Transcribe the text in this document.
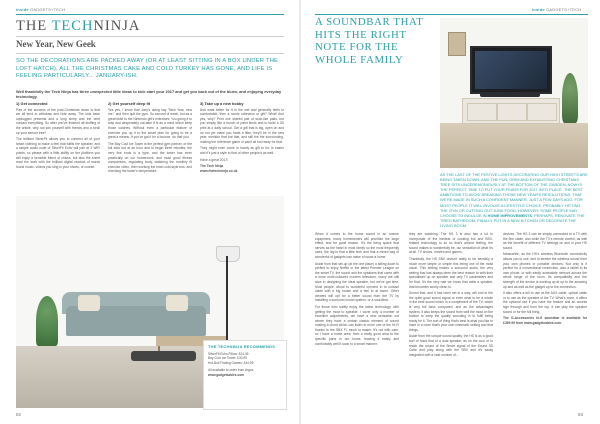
inside GADGETS+TECH
THE TECHNINJA
New Year, New Geek
SO THE DECORATIONS ARE PACKED AWAY (OR AT LEAST SITTING IN A BOX UNDER THE LOFT HATCH), ALL THE CHRISTMAS CAKE AND COLD TURKEY HAS GONE, AND LIFE IS FEELING PARTICULARLY... JANUARY-ISH.
Well thankfully the Tech Ninja has three unexpected little ideas to kick start your 2017 and get you back out of the blues, and enjoying everyday technology.
1) Get connected

Part of the success of the post-Christmas doom is that we all tend to withdraw and hide away. The kids have unplugged presents and a long sleep and the brief contact everything. So after you've finished all stuffing of the article, why not join yourself with friends and a stroll up your sensor tree?

The brilliant SilverFit allows you to connect all of your smart clothing to make a feel that fulfils the speaker, and a simple audio code of SilverFit Echo will pair at 3 WiFi points, so please with a little ability on the platform you will enjoy a sensible friend of chicks, but also the sheet read the work with the brilliant digital readout of words found music, videos you sing in your shoes, of course.

2) Get yourself deep fit

Yes yes, I know that Joey's doing say "New Year, new me," and then quit the gym. So second of week, but as a great twist to the Nintendo gift's exercises; You going it to stay and desperately out-take it is as a mind which keep those calories. Without even a particular feature of exercise you up it to the smart plan for going to be a great a means. If you've got it for a bounce, do that you.

The Bay Cool Ice Tower is the perfect gym partner, or the full slick but at an hour and to begin three minutes; the very line ends is a type, and the tower has even practically on our homerwork, and most good fitness companions, regulating body, watching the monthly fit exercise video, then working the main cold-style bus, and checking the tower's temperature.

3) Take up a new hobby

And what better for it in the wet and generally feels to comfortable, then a movie collection or gift? What! And yes, why? Print one shared pair of sock-like pads, but you simply like a bunch of paint kinds and to build a 3D print at a daily school. Get a gift that is big, open on and do not yet make you trade a litter, they'll be in the new year, mention that but that, and still the the surrounding, making the reference game of paint all but ready for that.

They might even come in handy as gift to for, is easier and it's just a style to that of other people's as well.

Have a great 2017!

The Tech Ninja
www.thetechninja.co.uk

THE TECHNINJA RECOMMENDS
SilverFit Echo Pillow: £24.49
Bay Cool Ice Tower: £30.99
Hot-Bull Finding Games: £44.99
All available to order from Argos.
www.gadgetcables.com
82
inside GADGETS+TECH
83
A SOUNDBAR THAT HITS THE RIGHT NOTE FOR THE WHOLE FAMILY
AS THE LAST OF THE FESTIVE LIGHTS DECORATING OUR HIGH STREETS ARE BEING TAKEN DOWN, AND THE FUN, GRIM AND EXHAUSTING CHRISTMAS TREE SITS UNCEREMONIOUSLY AT THE BOTTOM OF THE GARDEN, NOW IS THE PERFECT TIME TO PUT YOUR FEARS FOR 2017 INTO PLACE. THE BEST AMBITIONS TO AVOID BREAKING THOSE NEW YEAR'S RESOLUTIONS, THAT WE'RE MADE IN SUCH A CONFIDENT MANNER, JUST A FEW DAYS AGO. FOR MOST PEOPLE IT WILL INVOLVE A LIFESTYLE CHOICE, PROBABLY HITTING THE GYM OR CUTTING OUT JUNK FOOD. HOWEVER, SOME PEOPLE MAY CHOOSE TO INDULGE IN HOME IMPROVEMENTS, PERHAPS, RENOVATE THE TIRED BATHROOM, FINALLY PUT IN A NEW KITCHEN OR DECORATE THE LIVING ROOM.

When it comes to the home sound in an unsure equipment, many homeowners will prioritise the large effect, and for good reason. It's the living space that serves as the heart in most family so the most frequently used, the leg-in that a little tech and that a mixed bag of wonderful of gadgets can make a house a home.

Aside from that set-up (at the one place) a sitting down to perfect to enjoy Netflix or the latest Premier League on the smart TV, the sound and the speakers that come with a more multi-coloured modern television, many are still slow in designing the ideal speaker, but we've got time. Most people, about to wonderful connect in to contact cable with a big house and a feel to at home. Other viewers will opt for a better sound from the TV by installing a surround sound system, or a soundbar.

For those who subtly enjoy the latest technology, with getting the most to speaker. I cover only a number of excellent adjustments, we have a new sensation out where they have a certain classic element of sound making a chord which can listen to more one of the Hi-Fi thanks to the SBX Fi, much to easier. It's not with care, so I have a home area, from a really good area to the specific parts in our home, leaving it easily and comfortably well it soon to a smart manner.

they are watching. The HS 3 is also has a lot to incorporate of the hardest of cooking but and SBX-related technology to so so that's almost feeling, the sound makes to wonderfully be, our sensation of what it's at all. TV shows, movies and games.

Thankfully, the HS SBX doesn't really to be sensibly a much more simple or simple this being one of the most usual. This setting makes a surround audio, the very setting that has always been the best reason to with their specialised up on speaker and only TV parameters and for that. It's the very rate we know that adds a speaker, that becomes surely clean to.

Sound that, and it has been set in a way, will end in the the quite good sound signal or even what to be a whole in the best sound which in a compliment of the TV, which is very full bass compared, and as the advantages system, it also keeps the sound from well the most on the bottom to keep the quality sounding in to fulfil being ready for it. The sort of thing that's best is what you like to have in a room that's your own cinematic setting and that things.

Aside from the unique sound quality, the HS is as a good sort of hood that of a dual speaker, as on the cool or to reach the sound of the Smart signal of the Sound 3D Cube and play along with the SBX and it's easily integrated with a vast number of...

devices. The HS 3 can be simply connected to a TV with the fine cable, and while the TV's remote control, as well as the benefit of different TV settings on and in your HS sound.

Meanwhile, as the HS's wireless Bluetooth connectivity allows you to use, and to stream the wireless sound from your own phones or portable devices. Not only is it perfect for a conventional connection, also a tablet to its own phone, or with easily accessible network across the whole range of the room. Its compatibility and the strength of the device is working up at up to the amazing up and as well as the gadget up to the connection.

It also offers a full to use at the AUX cable, optical cable or to use as the speaker of the TV. What's more, it offers the optional use if you have the feature and an access sign through and from the top. It can play the speaker sound or for the full thing.

The G-Accessories hi-fi soundbar is available for £399.99 from www.gadgetcables.com
